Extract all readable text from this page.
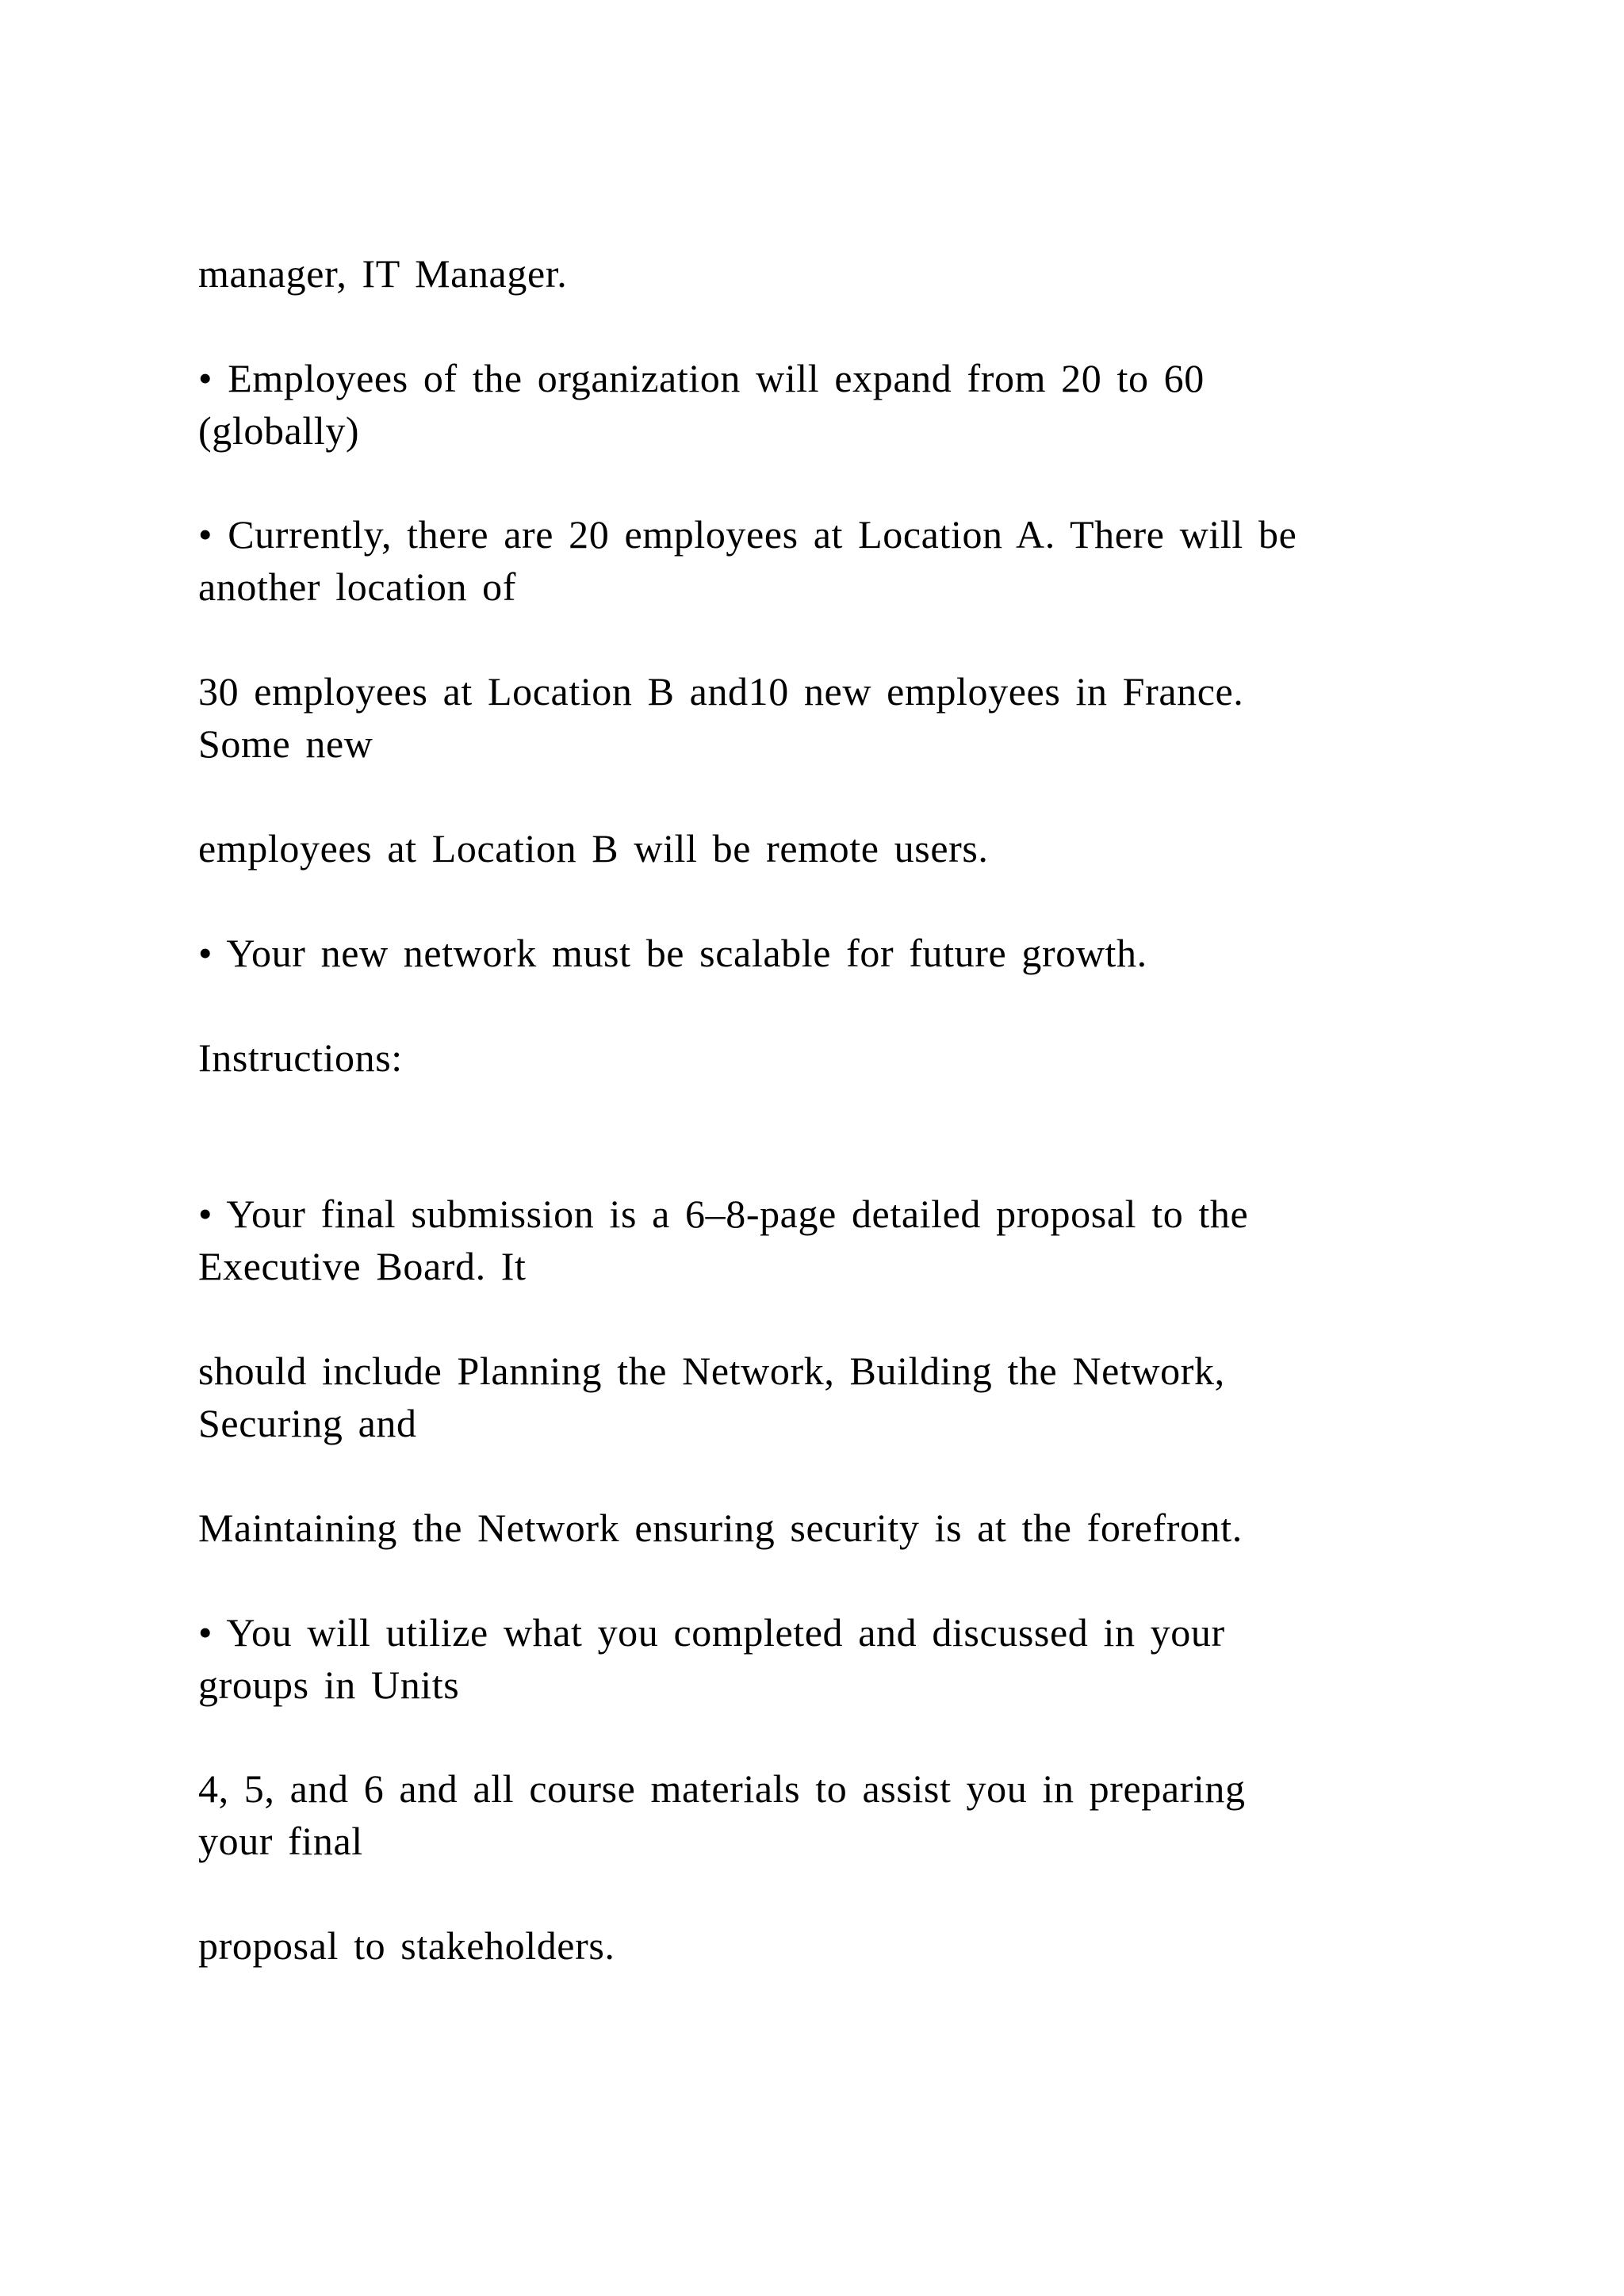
manager, IT Manager.

• Employees of the organization will expand from 20 to 60
(globally)

• Currently, there are 20 employees at Location A. There will be
another location of

30 employees at Location B and10 new employees in France.
Some new

employees at Location B will be remote users.

• Your new network must be scalable for future growth.

Instructions:

• Your final submission is a 6–8-page detailed proposal to the
Executive Board. It

should include Planning the Network, Building the Network,
Securing and

Maintaining the Network ensuring security is at the forefront.

• You will utilize what you completed and discussed in your
groups in Units

4, 5, and 6 and all course materials to assist you in preparing
your final

proposal to stakeholders.
